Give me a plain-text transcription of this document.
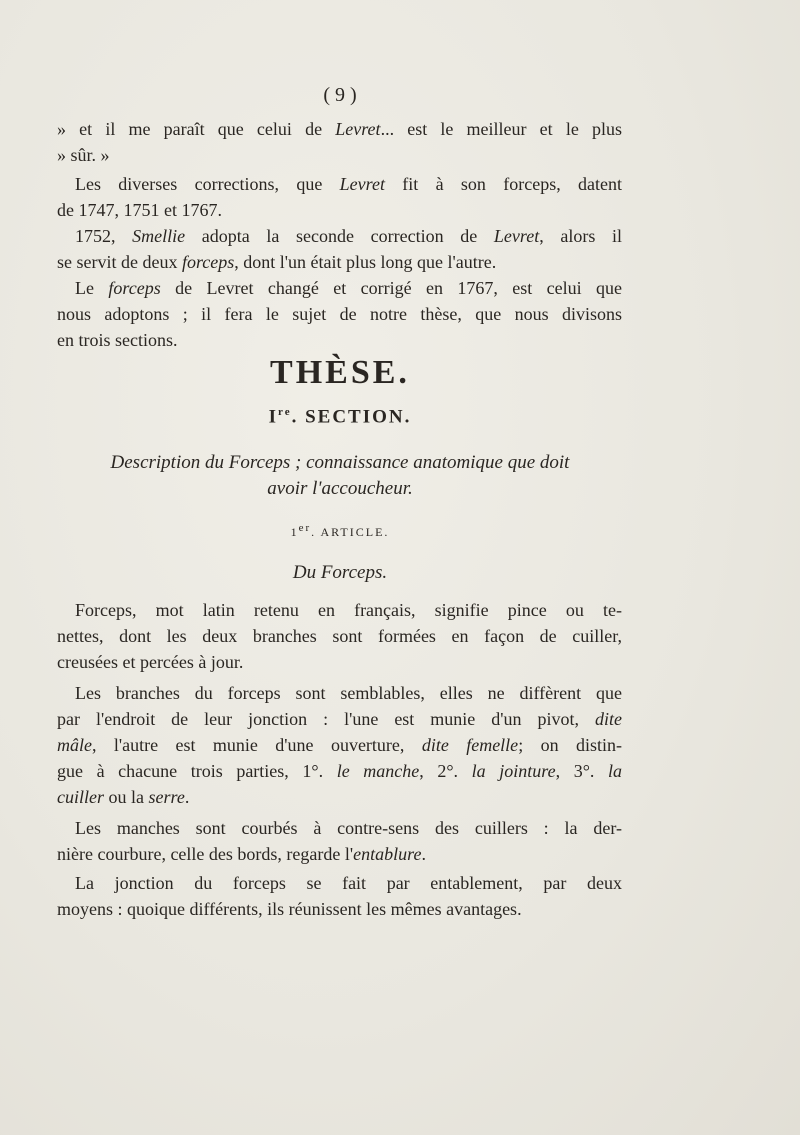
( 9 )
» et il me paraît que celui de Levret... est le meilleur et le plus
» sûr. »
Les diverses corrections, que Levret fit à son forceps, datent
de 1747, 1751 et 1767.
1752, Smellie adopta la seconde correction de Levret, alors il
se servit de deux forceps, dont l'un était plus long que l'autre.
Le forceps de Levret changé et corrigé en 1767, est celui que
nous adoptons ; il fera le sujet de notre thèse, que nous divisons
en trois sections.
THÈSE.
Ire. SECTION.
Description du Forceps ; connaissance anatomique que doit
avoir l'accoucheur.
1er. ARTICLE.
Du Forceps.
Forceps, mot latin retenu en français, signifie pince ou te-
nettes, dont les deux branches sont formées en façon de cuiller,
creusées et percées à jour.
Les branches du forceps sont semblables, elles ne diffèrent que
par l'endroit de leur jonction : l'une est munie d'un pivot, dite
mâle, l'autre est munie d'une ouverture, dite femelle; on distin-
gue à chacune trois parties, 1°. le manche, 2°. la jointure, 3°. la
cuiller ou la serre.
Les manches sont courbés à contre-sens des cuillers : la der-
nière courbure, celle des bords, regarde l'entablure.
La jonction du forceps se fait par entablement, par deux
moyens : quoique différents, ils réunissent les mêmes avantages.
